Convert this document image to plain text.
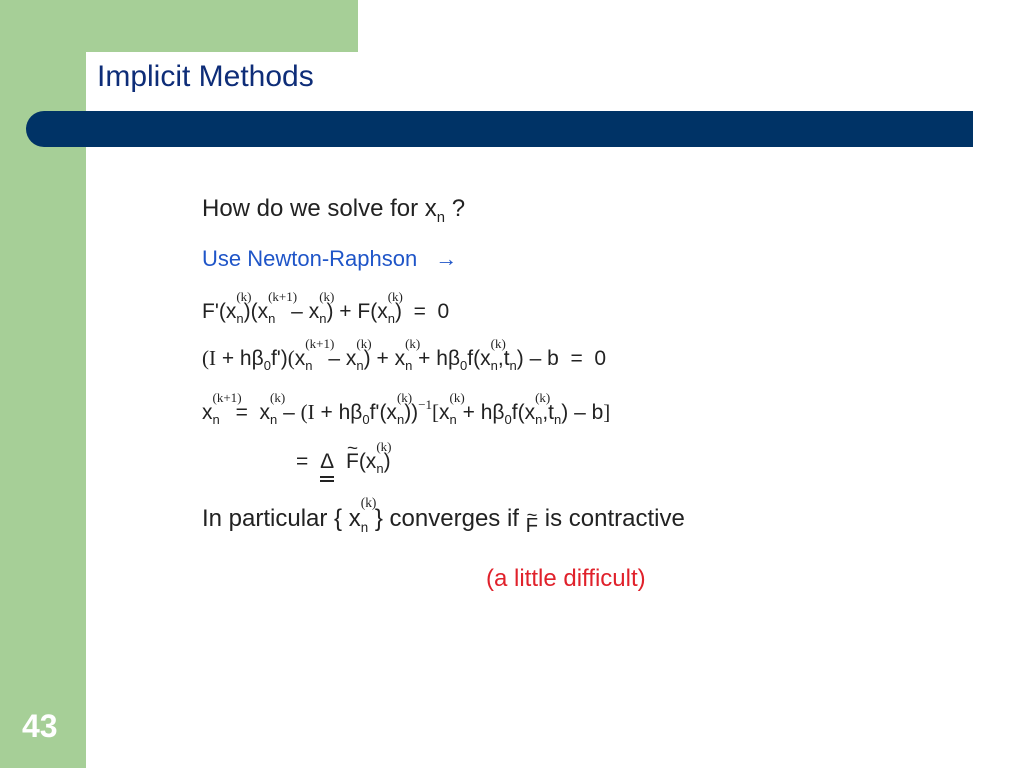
Implicit Methods
43
How do we solve for $x_n$ ?
Use Newton-Raphson →
F'(x
(k)
$_n$)(x
(k+1)
$_n$ – x
(k)
$_n$) + F(x
(k)
$_n$)  =  0
$(I + h\beta_0f')(x$
(k+1)
$_n$ – x
(k)
$_n$) + x
(k)
$_n + h\beta_0f(x$
(k)
$_n,t_n) - b = 0$
x
(k+1)
$_n$ =  x
(k)
$_n - (I + h\beta_0f'(x$
(k)
$_n$))$^{-1}$[x
(k)
$_n + h\beta_0f(x$
(k)
$_n,t_n) - b$]
= Δ ~ F(x
(k)
$_n$)
In particular { x
(k)
$_n$ } converges if ~ F is contractive
(a little difficult)
